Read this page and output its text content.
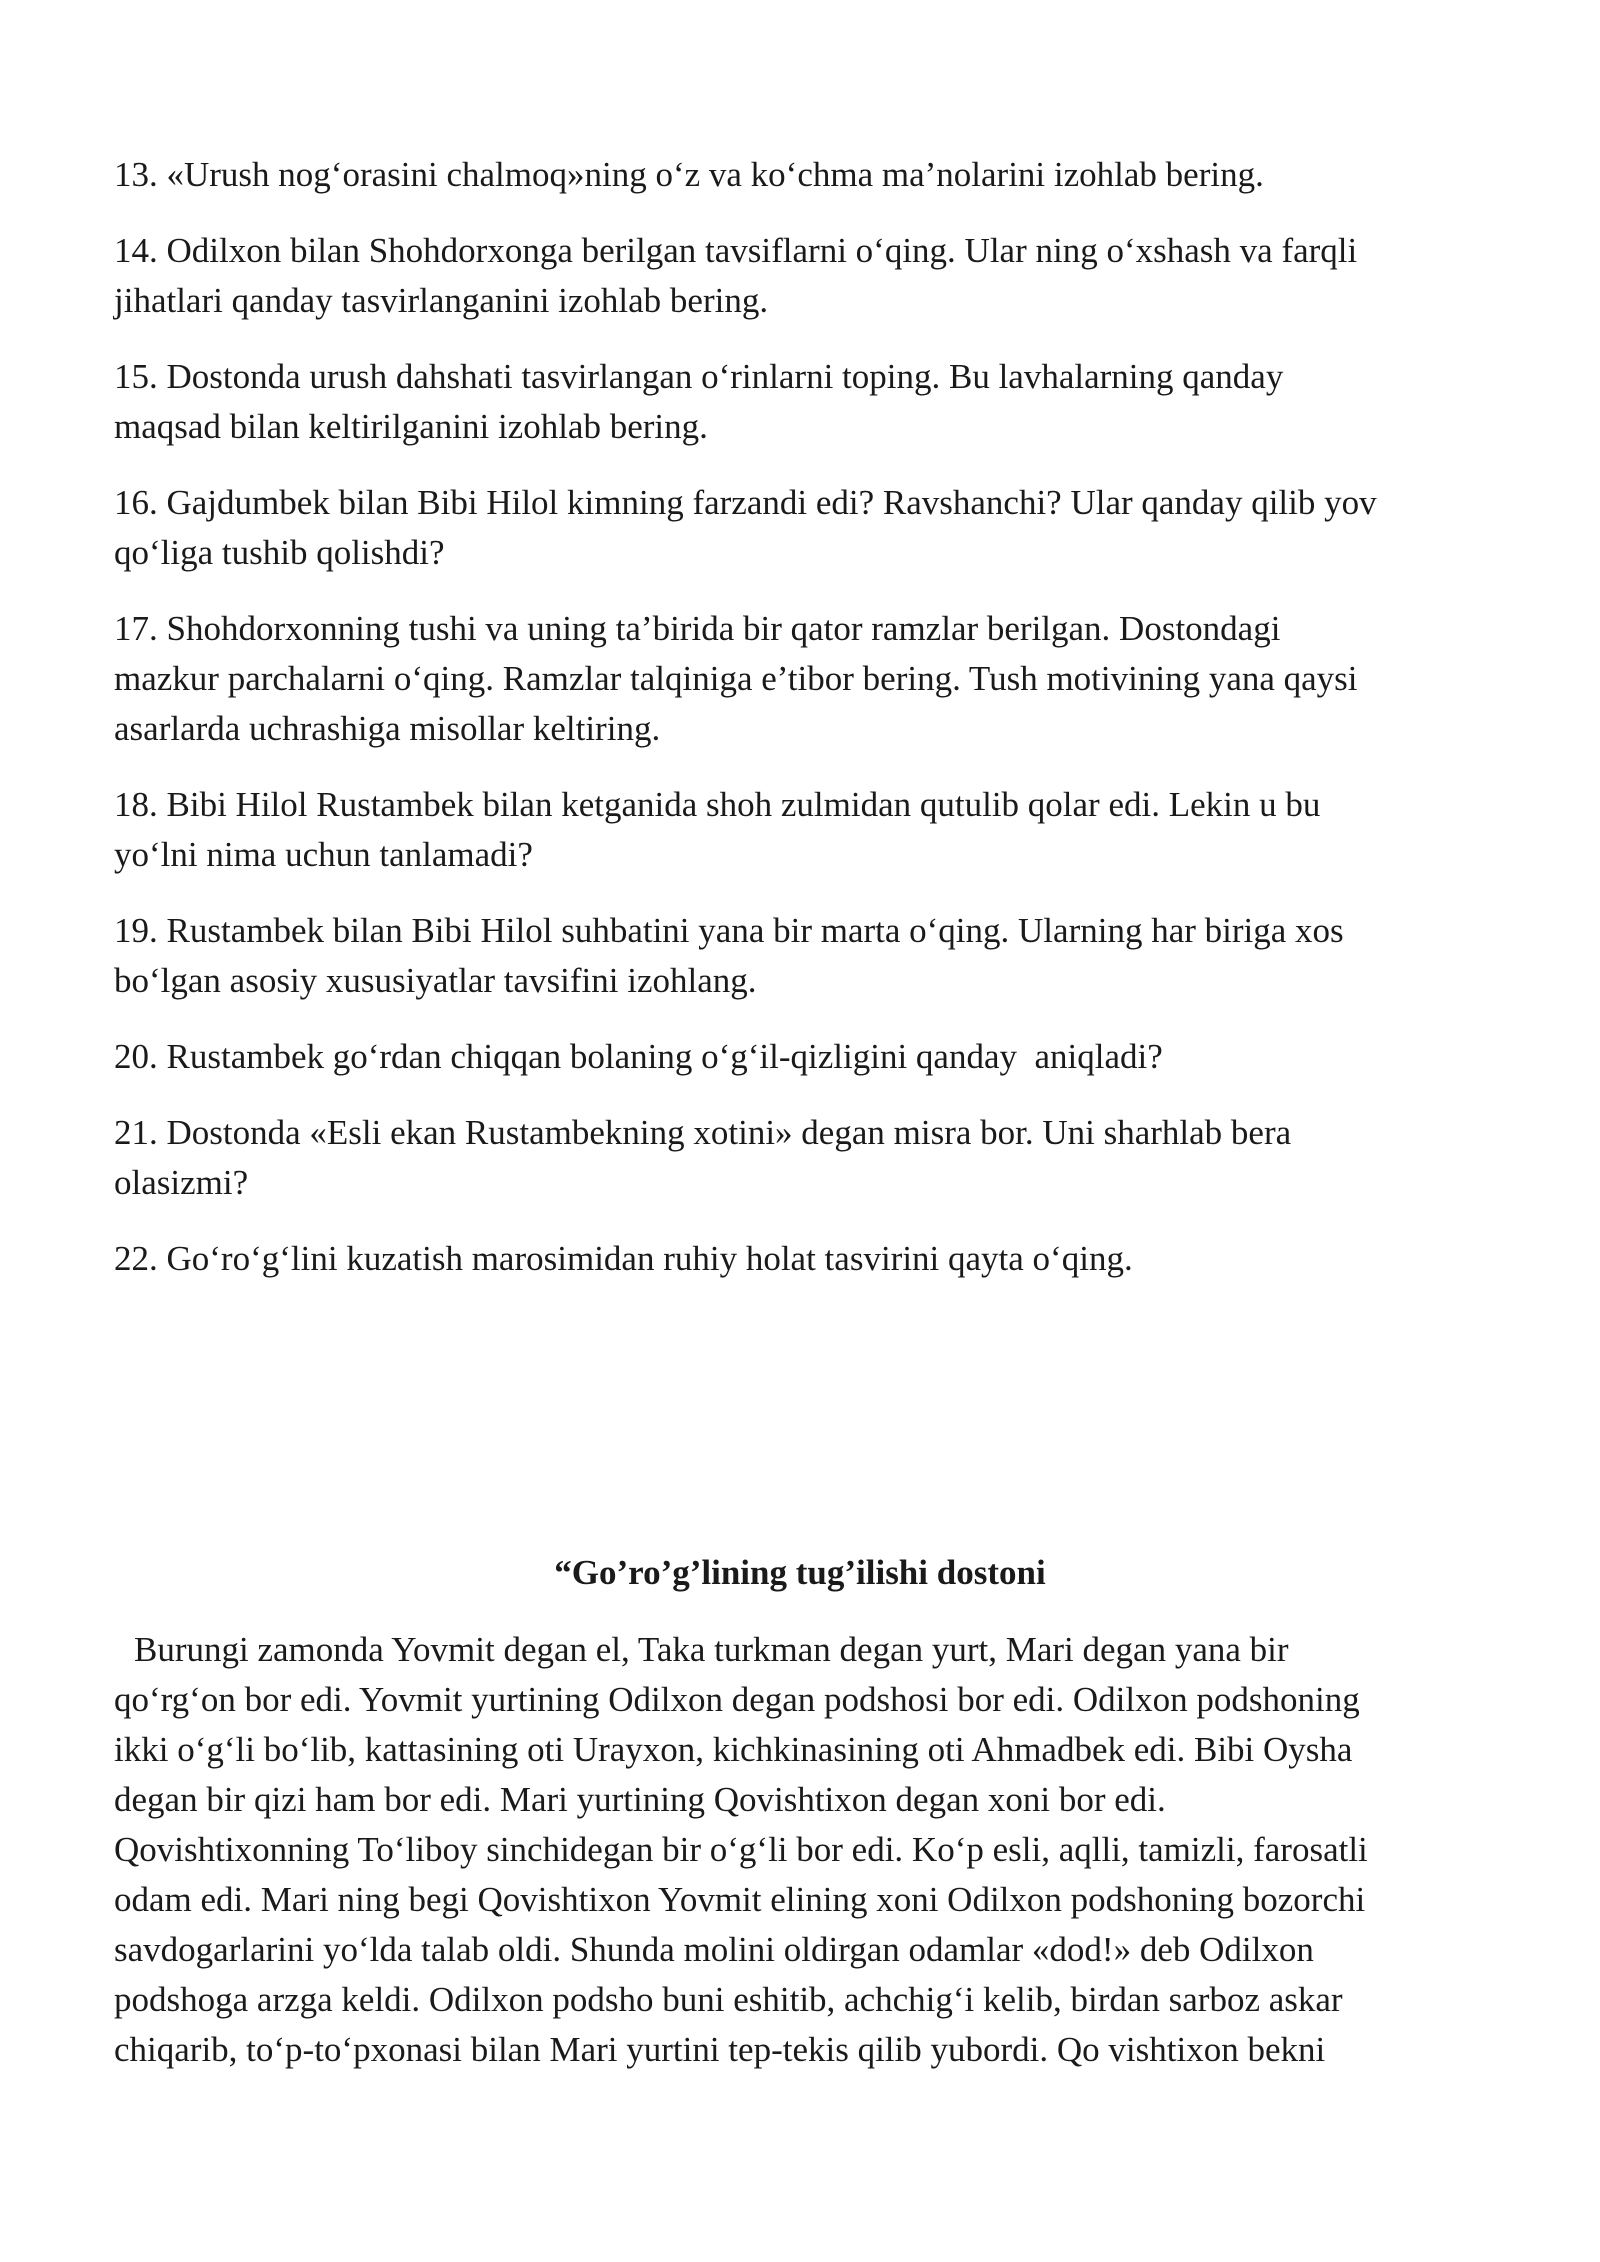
13. «Urush nog‘orasini chalmoq»ning o‘z va ko‘chma ma’nolarini izohlab bering.

14. Odilxon bilan Shohdorxonga berilgan tavsiflarni o‘qing. Ular ning o‘xshash va farqli
jihatlari qanday tasvirlanganini izohlab bering.

15. Dostonda urush dahshati tasvirlangan o‘rinlarni toping. Bu lavhalarning qanday
maqsad bilan keltirilganini izohlab bering.

16. Gajdumbek bilan Bibi Hilol kimning farzandi edi? Ravshanchi? Ular qanday qilib yov
qo‘liga tushib qolishdi?

17. Shohdorxonning tushi va uning ta’birida bir qator ramzlar berilgan. Dostondagi
mazkur parchalarni o‘qing. Ramzlar talqiniga e’tibor bering. Tush motivining yana qaysi
asarlarda uchrashiga misollar keltiring.

18. Bibi Hilol Rustambek bilan ketganida shoh zulmidan qutulib qolar edi. Lekin u bu
yo‘lni nima uchun tanlamadi?

19. Rustambek bilan Bibi Hilol suhbatini yana bir marta o‘qing. Ularning har biriga xos
bo‘lgan asosiy xususiyatlar tavsifini izohlang.

20. Rustambek go‘rdan chiqqan bolaning o‘g‘il-qizligini qanday  aniqladi?

21. Dostonda «Esli ekan Rustambekning xotini» degan misra bor. Uni sharhlab bera
olasizmi?

22. Go‘ro‘g‘lini kuzatish marosimidan ruhiy holat tasvirini qayta o‘qing.

“Go’ro’g’lining tug’ilishi dostoni
Burungi zamonda Yovmit degan el, Taka turkman degan yurt, Mari degan yana bir
qo‘rg‘on bor edi. Yovmit yurtining Odilxon degan podshosi bor edi. Odilxon podshoning
ikki o‘g‘li bo‘lib, kattasining oti Urayxon, kichkinasining oti Ahmadbek edi. Bibi Oysha
degan bir qizi ham bor edi. Mari yurtining Qovishtixon degan xoni bor edi.
Qovishtixonning To‘liboy sinchidegan bir o‘g‘li bor edi. Ko‘p esli, aqlli, tamizli, farosatli
odam edi. Mari ning begi Qovishtixon Yovmit elining xoni Odilxon podshoning bozorchi
savdogarlarini yo‘lda talab oldi. Shunda molini oldirgan odamlar «dod!» deb Odilxon
podshoga arzga keldi. Odilxon podsho buni eshitib, achchig‘i kelib, birdan sarboz askar
chiqarib, to‘p-to‘pxonasi bilan Mari yurtini tep-tekis qilib yubordi. Qo vishtixon bekni
